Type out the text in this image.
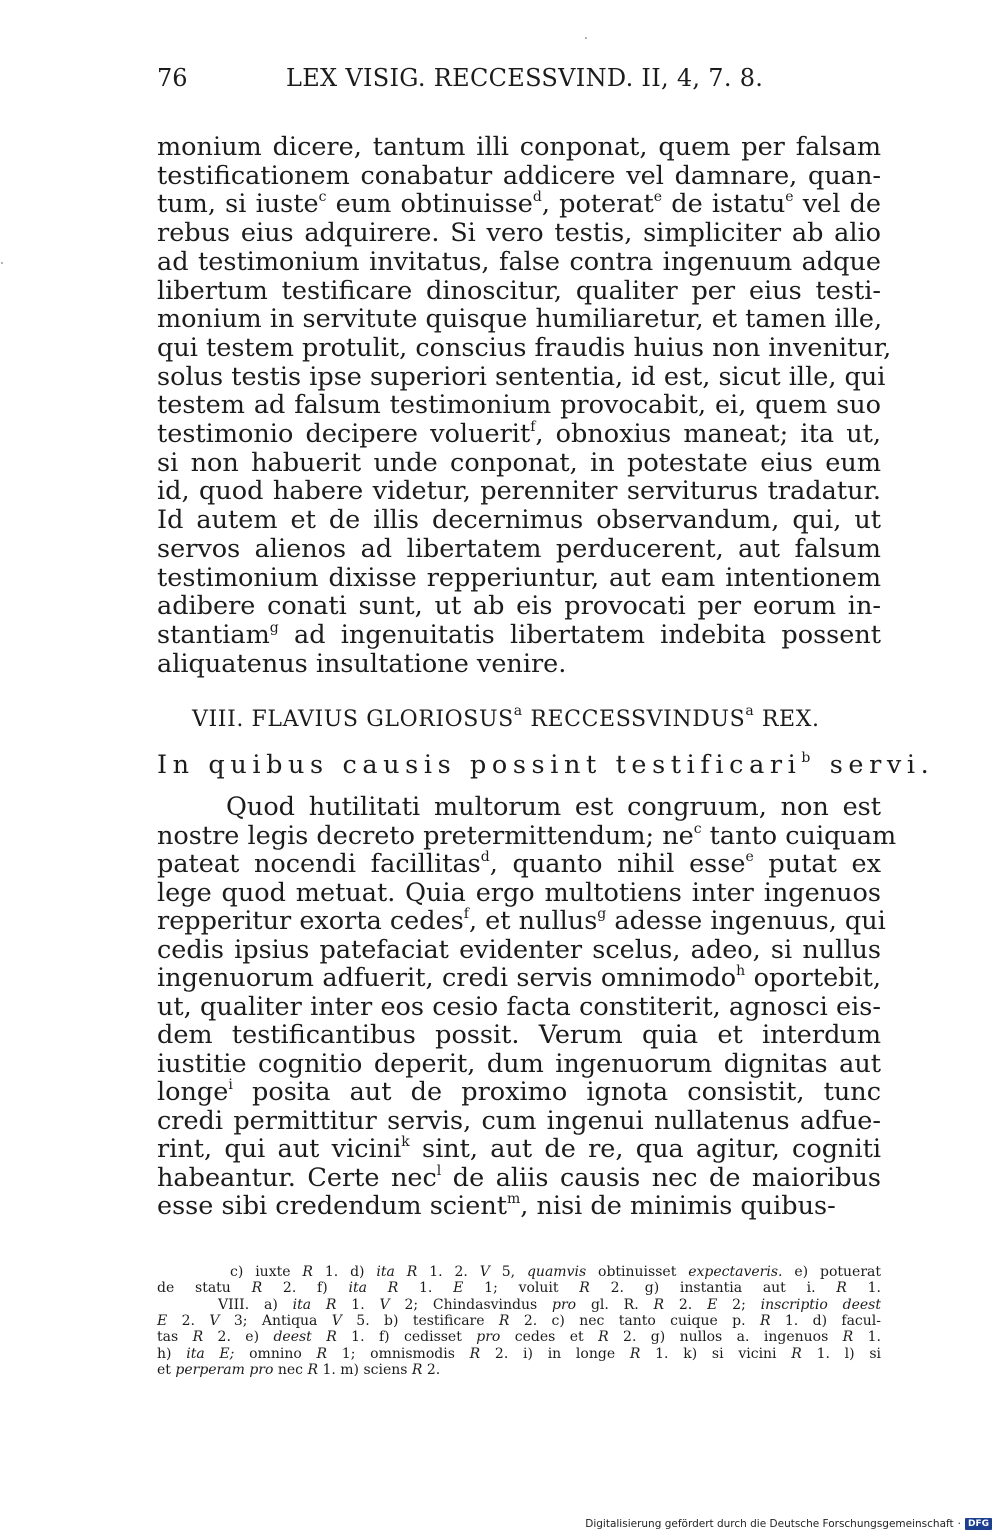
76	LEX VISIG. RECCESSVIND. II, 4, 7. 8.
monium dicere, tantum illi conponat, quem per falsam
testificationem conabatur addicere vel damnare, quan-
tum, si iuste$^c$ eum obtinuisse$^d$, poterat$^e$ de istatu$^e$ vel de
rebus eius adquirere. Si vero testis, simpliciter ab alio
ad testimonium invitatus, false contra ingenuum adque
libertum testificare dinoscitur, qualiter per eius testi-
monium in servitute quisque humiliaretur, et tamen ille,
qui testem protulit, conscius fraudis huius non invenitur,
solus testis ipse superiori sententia, id est, sicut ille, qui
testem ad falsum testimonium provocabit, ei, quem suo
testimonio decipere voluerit$^f$, obnoxius maneat; ita ut,
si non habuerit unde conponat, in potestate eius eum
id, quod habere videtur, perenniter serviturus tradatur.
Id autem et de illis decernimus observandum, qui, ut
servos alienos ad libertatem perducerent, aut falsum
testimonium dixisse repperiuntur, aut eam intentionem
adibere conati sunt, ut ab eis provocati per eorum in-
stantiam$^g$ ad ingenuitatis libertatem indebita possent
aliquatenus insultatione venire.
VIII. FLAVIUS GLORIOSUS$^a$ RECCESSVINDUS$^a$ REX.
In quibus causis possint testificari$^b$ servi.
Quod hutilitati multorum est congruum, non est
nostre legis decreto pretermittendum; $ne^c$ tanto cuiquam
pateat nocendi facillitas$^d$, quanto nihil esse$^e$ putat ex
lege quod metuat. Quia ergo multotiens inter ingenuos
repperitur exorta cedes$^f$, et nullus$^g$ adesse ingenuus, qui
cedis ipsius patefaciat evidenter scelus, adeo, si nullus
ingenuorum adfuerit, credi servis omnimodo$^h$ oportebit,
ut, qualiter inter eos cesio facta constiterit, agnosci eis-
dem testificantibus possit. Verum quia et interdum
iustitie cognitio deperit, dum ingenuorum dignitas aut
longe$^i$ posita aut de proximo ignota consistit, tunc
credi permittitur servis, cum ingenui nullatenus adfue-
rint, qui aut vicini$^k$ sint, aut de re, qua agitur, cogniti
habeantur. Certe nec$^l$ de aliis causis nec de maioribus
esse sibi credendum scient$^m$, nisi de minimis quibus-
c) iuxte R 1. d) ita R 1. 2. V 5, quamvis obtinuisset expectaveris. e) potuerat
de statu R 2. f) ita R 1. E 1; voluit R 2. g) instantia aut i. R 1.
VIII. a) ita R 1. V 2; Chindasvindus pro gl. R. R 2. E 2; inscriptio deest
E 2. V 3; Antiqua V 5. b) testificare R 2. c) nec tanto cuique p. R 1. d) facul-
tas R 2. e) deest R 1. f) cedisset pro cedes et R 2. g) nullos a. ingenuos R 1.
h) ita E; omnino R 1; omnismodis R 2. i) in longe R 1. k) si vicini R 1. l) si
et perperam pro nec R 1. m) sciens R 2.
Digitalisierung gefördert durch die Deutsche Forschungsgemeinschaft · DFG
